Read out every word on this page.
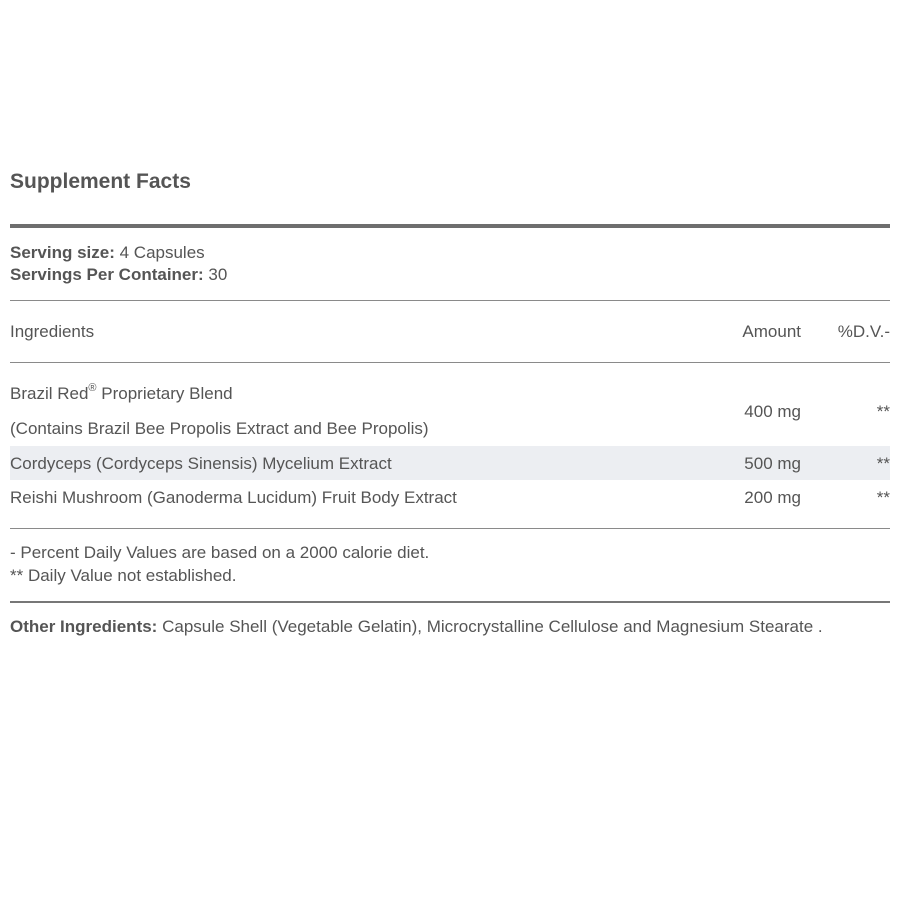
Supplement Facts
Serving size: 4 Capsules
Servings Per Container: 30
Ingredients	Amount	%D.V.-
Brazil Red® Proprietary Blend
(Contains Brazil Bee Propolis Extract and Bee Propolis)
400 mg	**
Cordyceps (Cordyceps Sinensis) Mycelium Extract	500 mg	**
Reishi Mushroom (Ganoderma Lucidum) Fruit Body Extract	200 mg	**
- Percent Daily Values are based on a 2000 calorie diet.
** Daily Value not established.
Other Ingredients: Capsule Shell (Vegetable Gelatin), Microcrystalline Cellulose and Magnesium Stearate .
